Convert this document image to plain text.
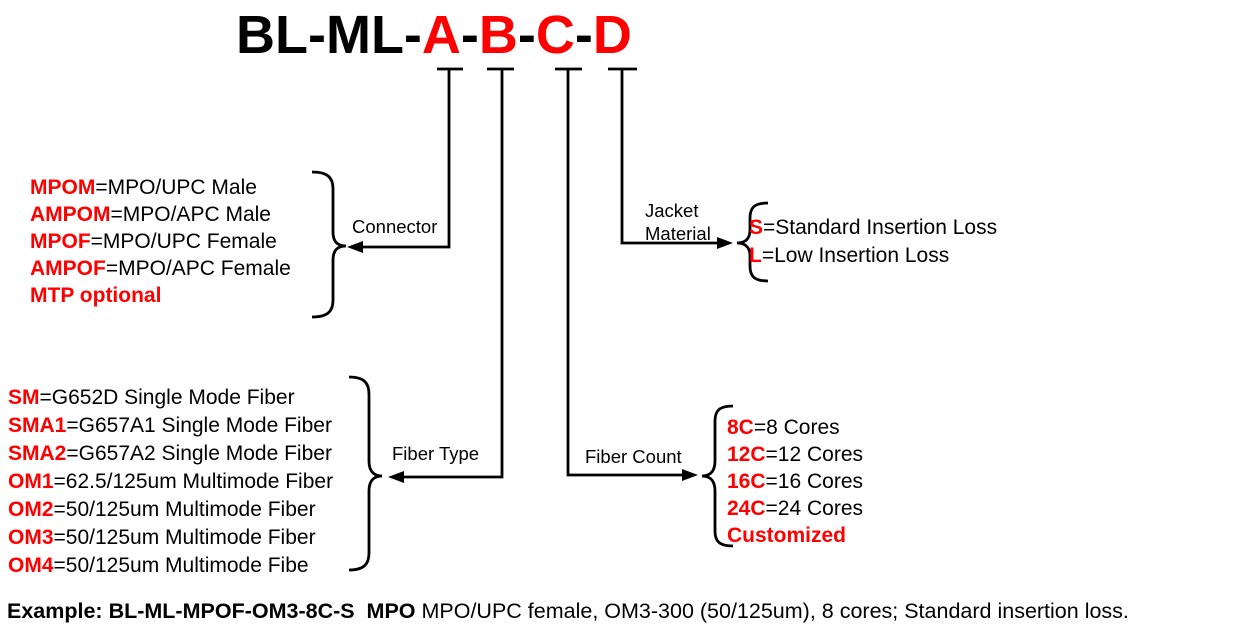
BL-ML-A-B-C-D
MPOM=MPO/UPC Male
AMPOM=MPO/APC Male
MPOF=MPO/UPC Female
AMPOF=MPO/APC Female
MTP optional
Connector
Jacket
Material S=Standard Insertion Loss
L=Low Insertion Loss
SM=G652D Single Mode Fiber
SMA1=G657A1 Single Mode Fiber
SMA2=G657A2 Single Mode Fiber
OM1=62.5/125um Multimode Fiber
OM2=50/125um Multimode Fiber
OM3=50/125um Multimode Fiber
OM4=50/125um Multimode Fibe
Fiber Type	Fiber Count
8C=8 Cores
12C=12 Cores
16C=16 Cores
24C=24 Cores
Customized
Example: BL-ML-MPOF-OM3-8C-S  MPO MPO/UPC female, OM3-300 (50/125um), 8 cores; Standard insertion loss.
